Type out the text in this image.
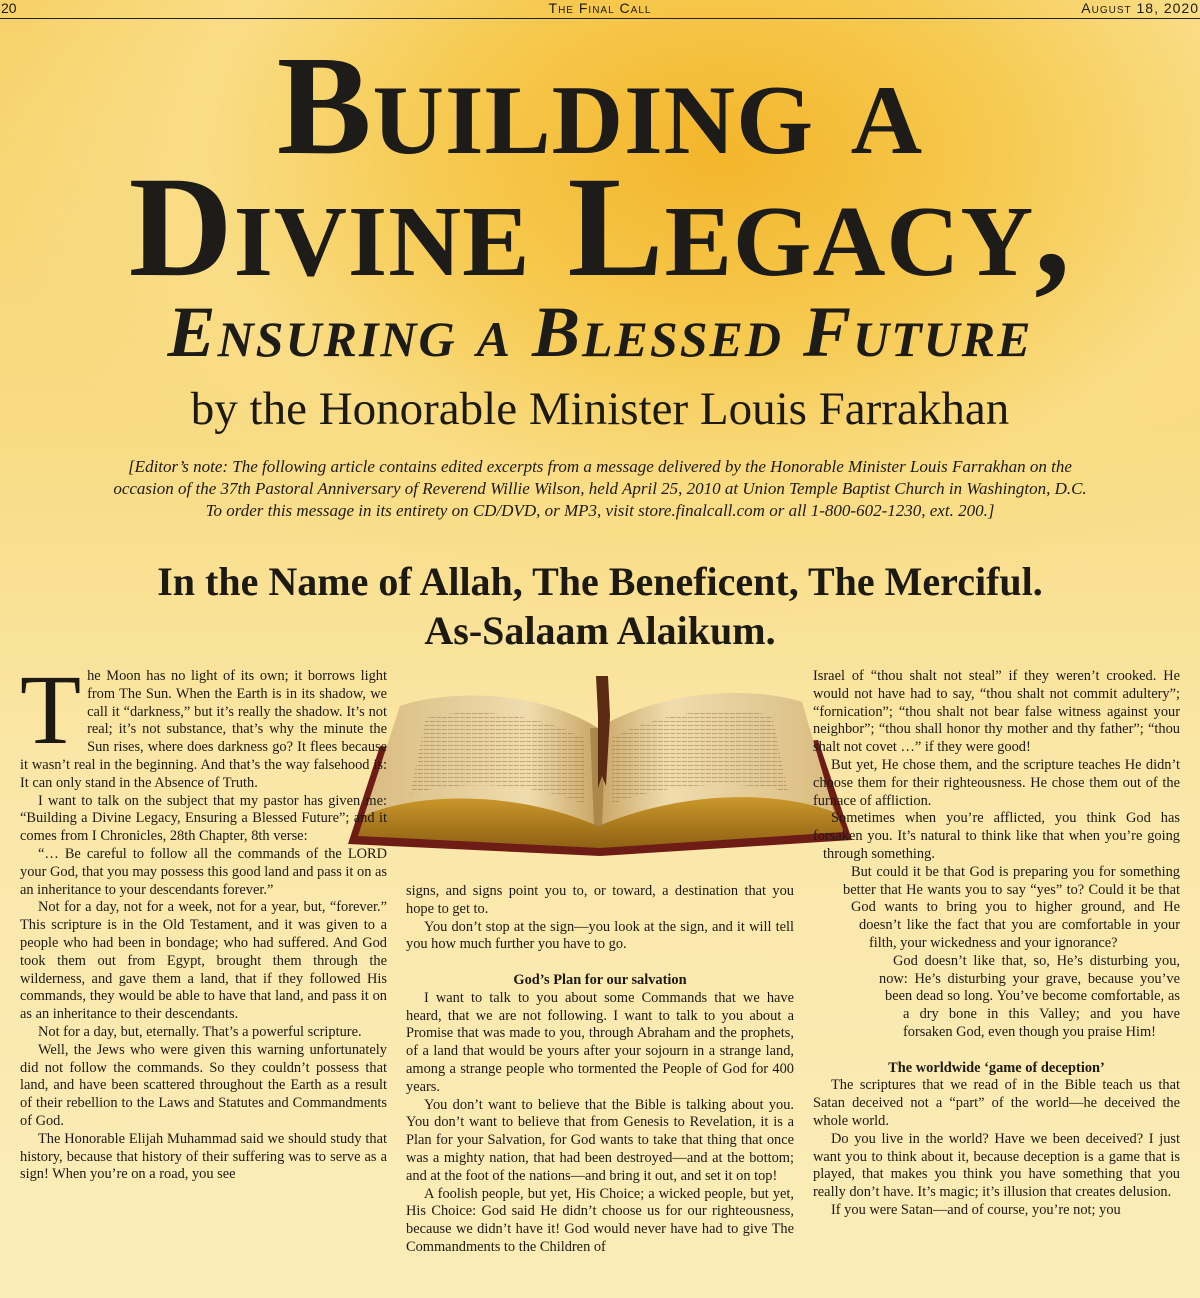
20	The Final Call	August 18, 2020
Building a
Divine Legacy,
Ensuring a Blessed Future
by the Honorable Minister Louis Farrakhan
[Editor’s note: The following article contains edited excerpts from a message delivered by the Honorable Minister Louis Farrakhan on the
occasion of the 37th Pastoral Anniversary of Reverend Willie Wilson, held April 25, 2010 at Union Temple Baptist Church in Washington, D.C.
To order this message in its entirety on CD/DVD, or MP3, visit store.finalcall.com or all 1-800-602-1230, ext. 200.]
In the Name of Allah, The Beneficent, The Merciful.
As-Salaam Alaikum.

The Moon has no light of its own; it borrows light from The Sun. When the Earth is in its shadow, we call it “darkness,” but it’s really the shadow. It’s not real; it’s not substance, that’s why the minute the Sun rises, where does darkness go? It flees because it wasn’t real in the beginning. And that’s the way falsehood is: It can only stand in the Absence of Truth.

I want to talk on the subject that my pastor has given me: “Building a Divine Legacy, Ensuring a Blessed Future”; and it comes from I Chronicles, 28th Chapter, 8th verse:

“… Be careful to follow all the commands of the LORD your God, that you may possess this good land and pass it on as an inheritance to your descendants forever.”

Not for a day, not for a week, not for a year, but, “forever.” This scripture is in the Old Testament, and it was given to a people who had been in bondage; who had suffered. And God took them out from Egypt, brought them through the wilderness, and gave them a land, that if they followed His commands, they would be able to have that land, and pass it on as an inheritance to their descendants.

Not for a day, but, eternally. That’s a powerful scripture.

Well, the Jews who were given this warning unfortunately did not follow the commands. So they couldn’t possess that land, and have been scattered throughout the Earth as a result of their rebellion to the Laws and Statutes and Commandments of God.

The Honorable Elijah Muhammad said we should study that history, because that history of their suffering was to serve as a sign! When you’re on a road, you see

signs, and signs point you to, or toward, a destination that you hope to get to.

You don’t stop at the sign—you look at the sign, and it will tell you how much further you have to go.

God’s Plan for our salvation

I want to talk to you about some Commands that we have heard, that we are not following. I want to talk to you about a Promise that was made to you, through Abraham and the prophets, of a land that would be yours after your sojourn in a strange land, among a strange people who tormented the People of God for 400 years.

You don’t want to believe that the Bible is talking about you. You don’t want to believe that from Genesis to Revelation, it is a Plan for your Salvation, for God wants to take that thing that once was a mighty nation, that had been destroyed—and at the bottom; and at the foot of the nations—and bring it out, and set it on top!

A foolish people, but yet, His Choice; a wicked people, but yet, His Choice: God said He didn’t choose us for our righteousness, because we didn’t have it! God would never have had to give The Commandments to the Children of

Israel of “thou shalt not steal” if they weren’t crooked. He would not have had to say, “thou shalt not commit adultery”; “fornication”; “thou shalt not bear false witness against your neighbor”; “thou shall honor thy mother and thy father”; “thou shalt not covet …” if they were good!

But yet, He chose them, and the scripture teaches He didn’t choose them for their righteousness. He chose them out of the furnace of affliction.

Sometimes when you’re afflicted, you think God has forsaken you. It’s natural to think like that when you’re going through something.

But could it be that God is preparing you for something better that He wants you to say “yes” to? Could it be that God wants to bring you to higher ground, and He doesn’t like the fact that you are comfortable in your filth, your wickedness and your ignorance?

God doesn’t like that, so, He’s disturbing you, now: He’s disturbing your grave, because you’ve been dead so long. You’ve become comfortable, as a dry bone in this Valley; and you have forsaken God, even though you praise Him!

The worldwide ‘game of deception’

The scriptures that we read of in the Bible teach us that Satan deceived not a “part” of the world—he deceived the whole world.

Do you live in the world? Have we been deceived? I just want you to think about it, because deception is a game that is played, that makes you think you have something that you really don’t have. It’s magic; it’s illusion that creates delusion.

If you were Satan—and of course, you’re not; you
